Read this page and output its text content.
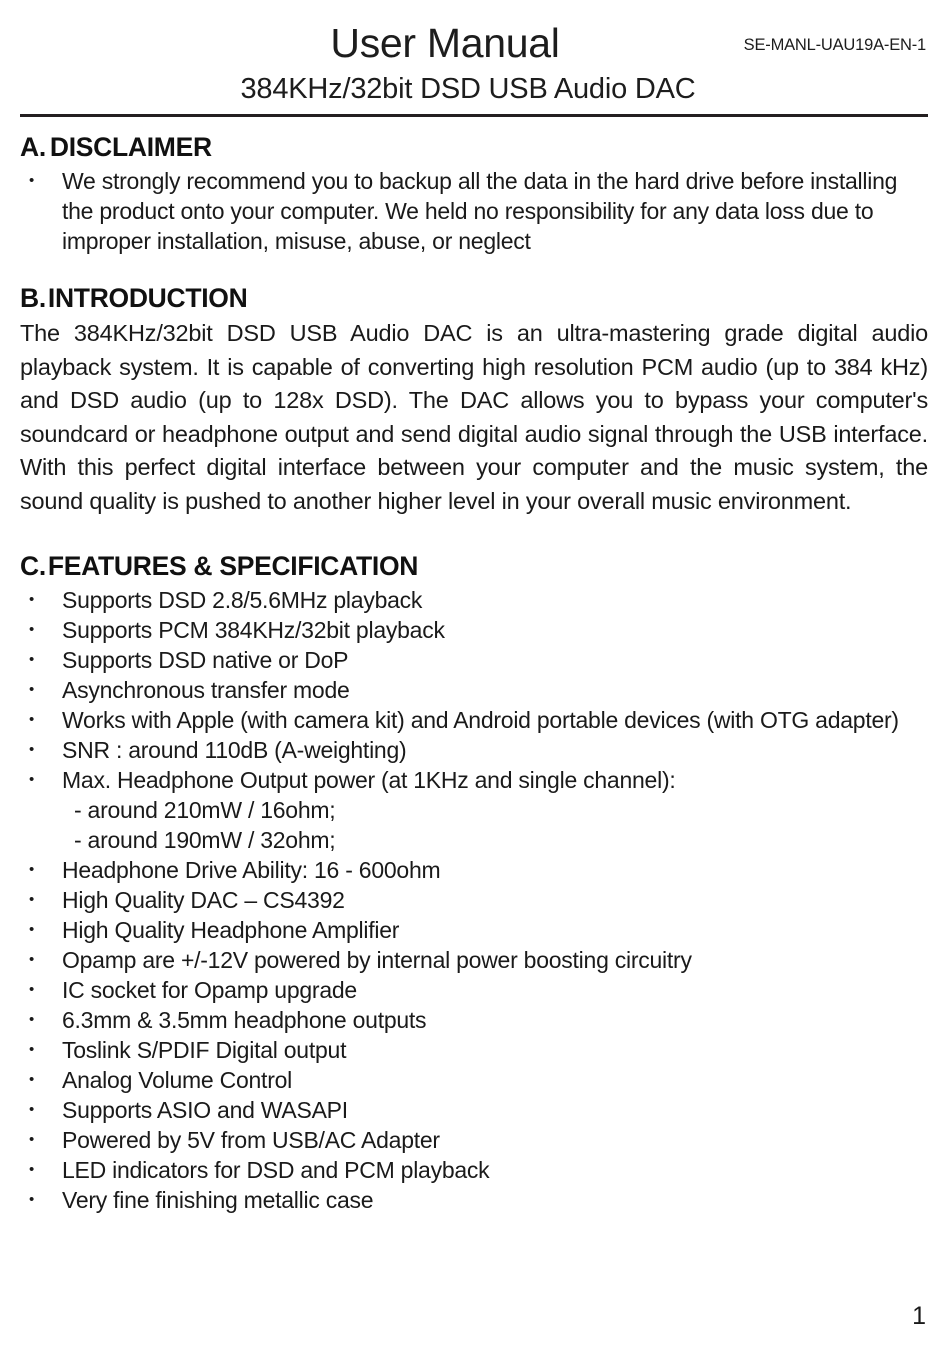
User Manual	SE-MANL-UAU19A-EN-1
384KHz/32bit DSD USB Audio DAC
A. DISCLAIMER
• We strongly recommend you to backup all the data in the hard drive before installing the product onto your computer. We held no responsibility for any data loss due to improper installation, misuse, abuse, or neglect
B.INTRODUCTION

The 384KHz/32bit DSD USB Audio DAC is an ultra-mastering grade digital audio playback system. It is capable of converting high resolution PCM audio (up to 384 kHz) and DSD audio (up to 128x DSD). The DAC allows you to bypass your computer's soundcard or headphone output and send digital audio signal through the USB interface. With this perfect digital interface between your computer and the music system, the sound quality is pushed to another higher level in your overall music environment.

C.FEATURES & SPECIFICATION
• Supports DSD 2.8/5.6MHz playback
• Supports PCM 384KHz/32bit playback
• Supports DSD native or DoP
• Asynchronous transfer mode
• Works with Apple (with camera kit) and Android portable devices (with OTG adapter)
• SNR : around 110dB (A-weighting)
• Max. Headphone Output power (at 1KHz and single channel):
- around 210mW / 16ohm;
- around 190mW / 32ohm;
• Headphone Drive Ability: 16 - 600ohm
• High Quality DAC – CS4392
• High Quality Headphone Amplifier
• Opamp are +/-12V powered by internal power boosting circuitry
• IC socket for Opamp upgrade
• 6.3mm & 3.5mm headphone outputs
• Toslink S/PDIF Digital output
• Analog Volume Control
• Supports ASIO and WASAPI
• Powered by 5V from USB/AC Adapter
• LED indicators for DSD and PCM playback
• Very fine finishing metallic case
1
